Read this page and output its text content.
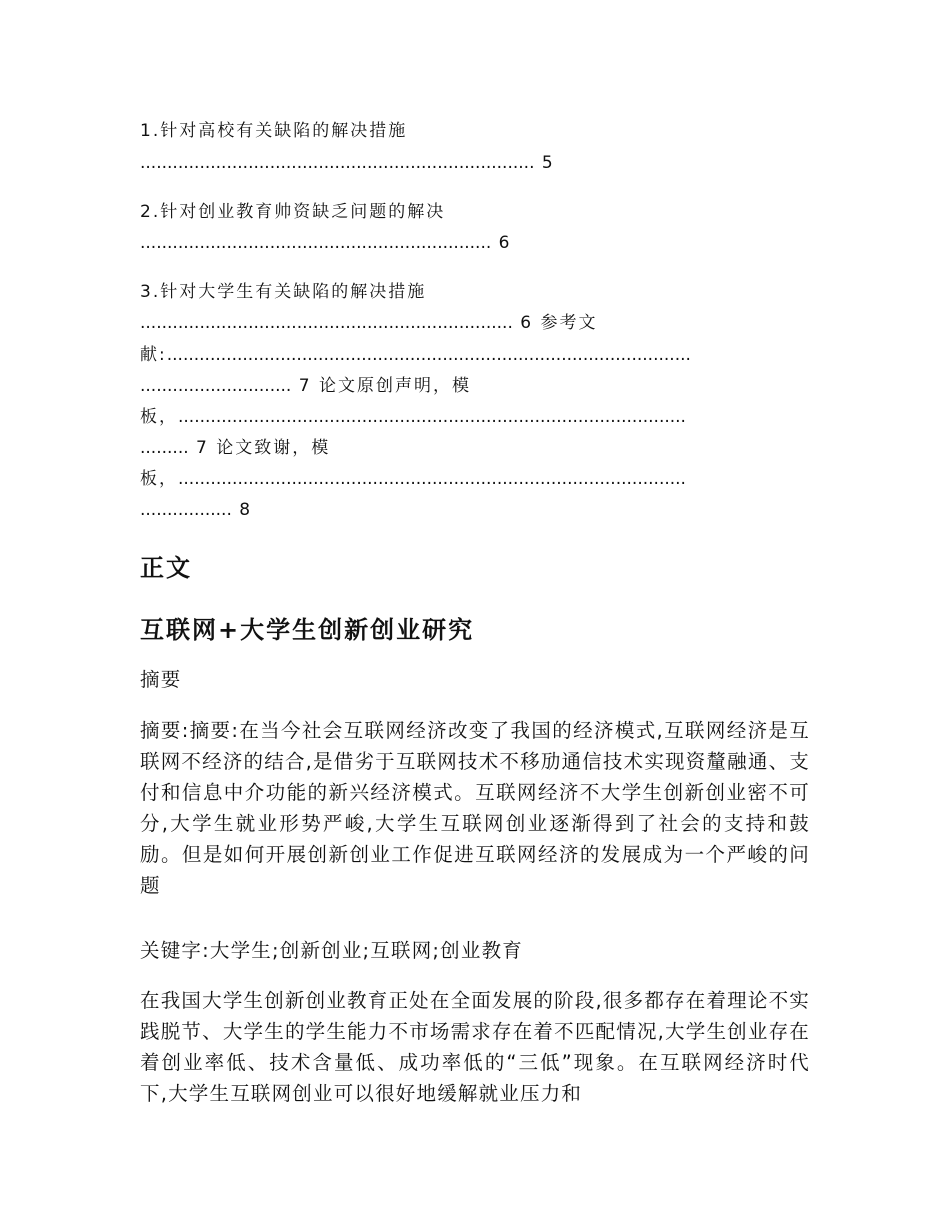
1.针对高校有关缺陷的解决措施
......................................................................... 5
2.针对创业教育帅资缺乏问题的解决
................................................................. 6
3.针对大学生有关缺陷的解决措施
..................................................................... 6 参考文
献:.................................................................................................
............................ 7 论文原创声明，模
板，..............................................................................................
......... 7 论文致谢，模
板，..............................................................................................
................. 8
正文
互联网+大学生创新创业研究
摘要
摘要:摘要:在当今社会互联网经济改变了我国的经济模式,互联网经济是互联网不经济的结合,是借劣于互联网技术不移劢通信技术实现资釐融通、支付和信息中介功能的新兴经济模式。互联网经济不大学生创新创业密不可分,大学生就业形势严峻,大学生互联网创业逐渐得到了社会的支持和鼓励。但是如何开展创新创业工作促进互联网经济的发展成为一个严峻的问题
关键字:大学生;创新创业;互联网;创业教育
在我国大学生创新创业教育正处在全面发展的阶段,很多都存在着理论不实践脱节、大学生的学生能力不市场需求存在着不匹配情况,大学生创业存在着创业率低、技术含量低、成功率低的“三低”现象。在互联网经济时代下,大学生互联网创业可以很好地缓解就业压力和
